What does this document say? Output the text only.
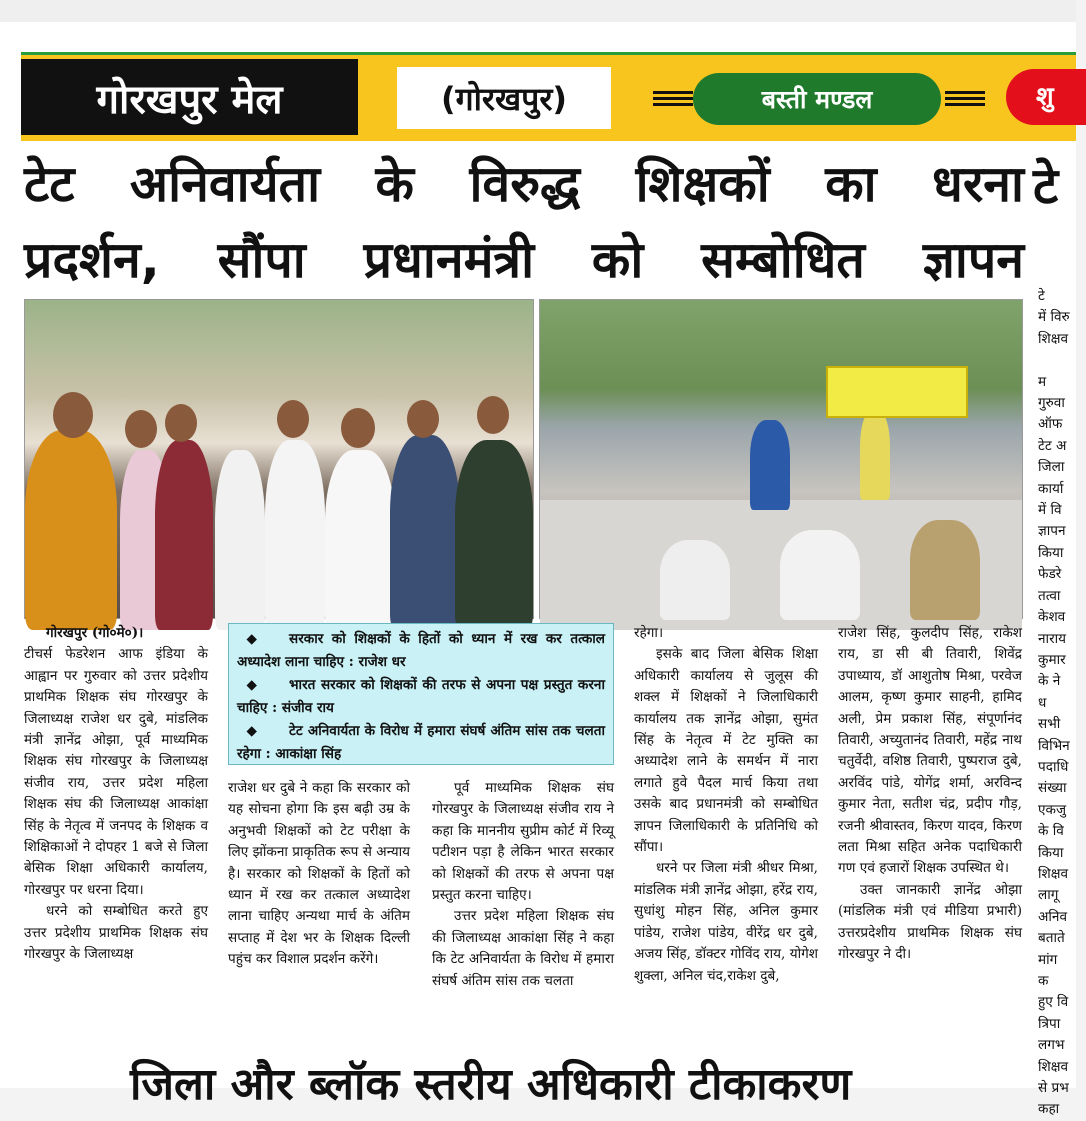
गोरखपुर मेल	(गोरखपुर)	बस्ती मण्डल	शु
टेट अनिवार्यता के विरुद्ध शिक्षकों का धरना
प्रदर्शन, सौंपा प्रधानमंत्री को सम्बोधित ज्ञापन
टे

गोरखपुर (गो०मे०)।

टीचर्स फेडरेशन आफ इंडिया के आह्वान पर गुरुवार को उत्तर प्रदेशीय प्राथमिक शिक्षक संघ गोरखपुर के जिलाध्यक्ष राजेश धर दुबे, मांडलिक मंत्री ज्ञानेंद्र ओझा, पूर्व माध्यमिक शिक्षक संघ गोरखपुर के जिलाध्यक्ष संजीव राय, उत्तर प्रदेश महिला शिक्षक संघ की जिलाध्यक्ष आकांक्षा सिंह के नेतृत्व में जनपद के शिक्षक व शिक्षिकाओं ने दोपहर 1 बजे से जिला बेसिक शिक्षा अधिकारी कार्यालय, गोरखपुर पर धरना दिया।

धरने को सम्बोधित करते हुए उत्तर प्रदेशीय प्राथमिक शिक्षक संघ गोरखपुर के जिलाध्यक्ष

◆ सरकार को शिक्षकों के हितों को ध्यान में रख कर तत्काल अध्यादेश लाना चाहिए : राजेश धर

◆ भारत सरकार को शिक्षकों की तरफ से अपना पक्ष प्रस्तुत करना चाहिए : संजीव राय

◆ टेट अनिवार्यता के विरोध में हमारा संघर्ष अंतिम सांस तक चलता रहेगा : आकांक्षा सिंह

राजेश धर दुबे ने कहा कि सरकार को यह सोचना होगा कि इस बढ़ी उम्र के अनुभवी शिक्षकों को टेट परीक्षा के लिए झोंकना प्राकृतिक रूप से अन्याय है। सरकार को शिक्षकों के हितों को ध्यान में रख कर तत्काल अध्यादेश लाना चाहिए अन्यथा मार्च के अंतिम सप्ताह में देश भर के शिक्षक दिल्ली पहुंच कर विशाल प्रदर्शन करेंगे।

पूर्व माध्यमिक शिक्षक संघ गोरखपुर के जिलाध्यक्ष संजीव राय ने कहा कि माननीय सुप्रीम कोर्ट में रिव्यू पटीशन पड़ा है लेकिन भारत सरकार को शिक्षकों की तरफ से अपना पक्ष प्रस्तुत करना चाहिए।

उत्तर प्रदेश महिला शिक्षक संघ की जिलाध्यक्ष आकांक्षा सिंह ने कहा कि टेट अनिवार्यता के विरोध में हमारा संघर्ष अंतिम सांस तक चलता

रहेगा।

इसके बाद जिला बेसिक शिक्षा अधिकारी कार्यालय से जुलूस की शक्ल में शिक्षकों ने जिलाधिकारी कार्यालय तक ज्ञानेंद्र ओझा, सुमंत सिंह के नेतृत्व में टेट मुक्ति का अध्यादेश लाने के समर्थन में नारा लगाते हुवे पैदल मार्च किया तथा उसके बाद प्रधानमंत्री को सम्बोधित ज्ञापन जिलाधिकारी के प्रतिनिधि को सौंपा।

धरने पर जिला मंत्री श्रीधर मिश्रा, मांडलिक मंत्री ज्ञानेंद्र ओझा, हरेंद्र राय, सुधांशु मोहन सिंह, अनिल कुमार पांडेय, राजेश पांडेय, वीरेंद्र धर दुबे, अजय सिंह, डॉक्टर गोविंद राय, योगेश शुक्ला, अनिल चंद,राकेश दुबे,

राजेश सिंह, कुलदीप सिंह, राकेश राय, डा सी बी तिवारी, शिवेंद्र उपाध्याय, डॉ आशुतोष मिश्रा, परवेज आलम, कृष्ण कुमार साहनी, हामिद अली, प्रेम प्रकाश सिंह, संपूर्णानंद तिवारी, अच्युतानंद तिवारी, महेंद्र नाथ चतुर्वेदी, वशिष्ठ तिवारी, पुष्पराज दुबे, अरविंद पांडे, योगेंद्र शर्मा, अरविन्द कुमार नेता, सतीश चंद्र, प्रदीप गौड़, रजनी श्रीवास्तव, किरण यादव, किरण लता मिश्रा सहित अनेक पदाधिकारी गण एवं हजारों शिक्षक उपस्थित थे।

उक्त जानकारी ज्ञानेंद्र ओझा (मांडलिक मंत्री एवं मीडिया प्रभारी) उत्तरप्रदेशीय प्राथमिक शिक्षक संघ गोरखपुर ने दी।

टे
में विरु
शिक्षव

म
गुरुवा
ऑफ
टेट अ
जिला
कार्या
में वि
ज्ञापन
किया
फेडरे
तत्वा
केशव
नाराय
कुमार
के ने
ध
सभी
विभिन
पदाधि
संख्या
एकजु
के वि
किया
शिक्षव
लागू
अनिव
बताते
मांग
क
हुए वि
त्रिपा
लगभ
शिक्षव
से प्रभ
कहा
जिला और ब्लॉक स्तरीय अधिकारी टीकाकरण
